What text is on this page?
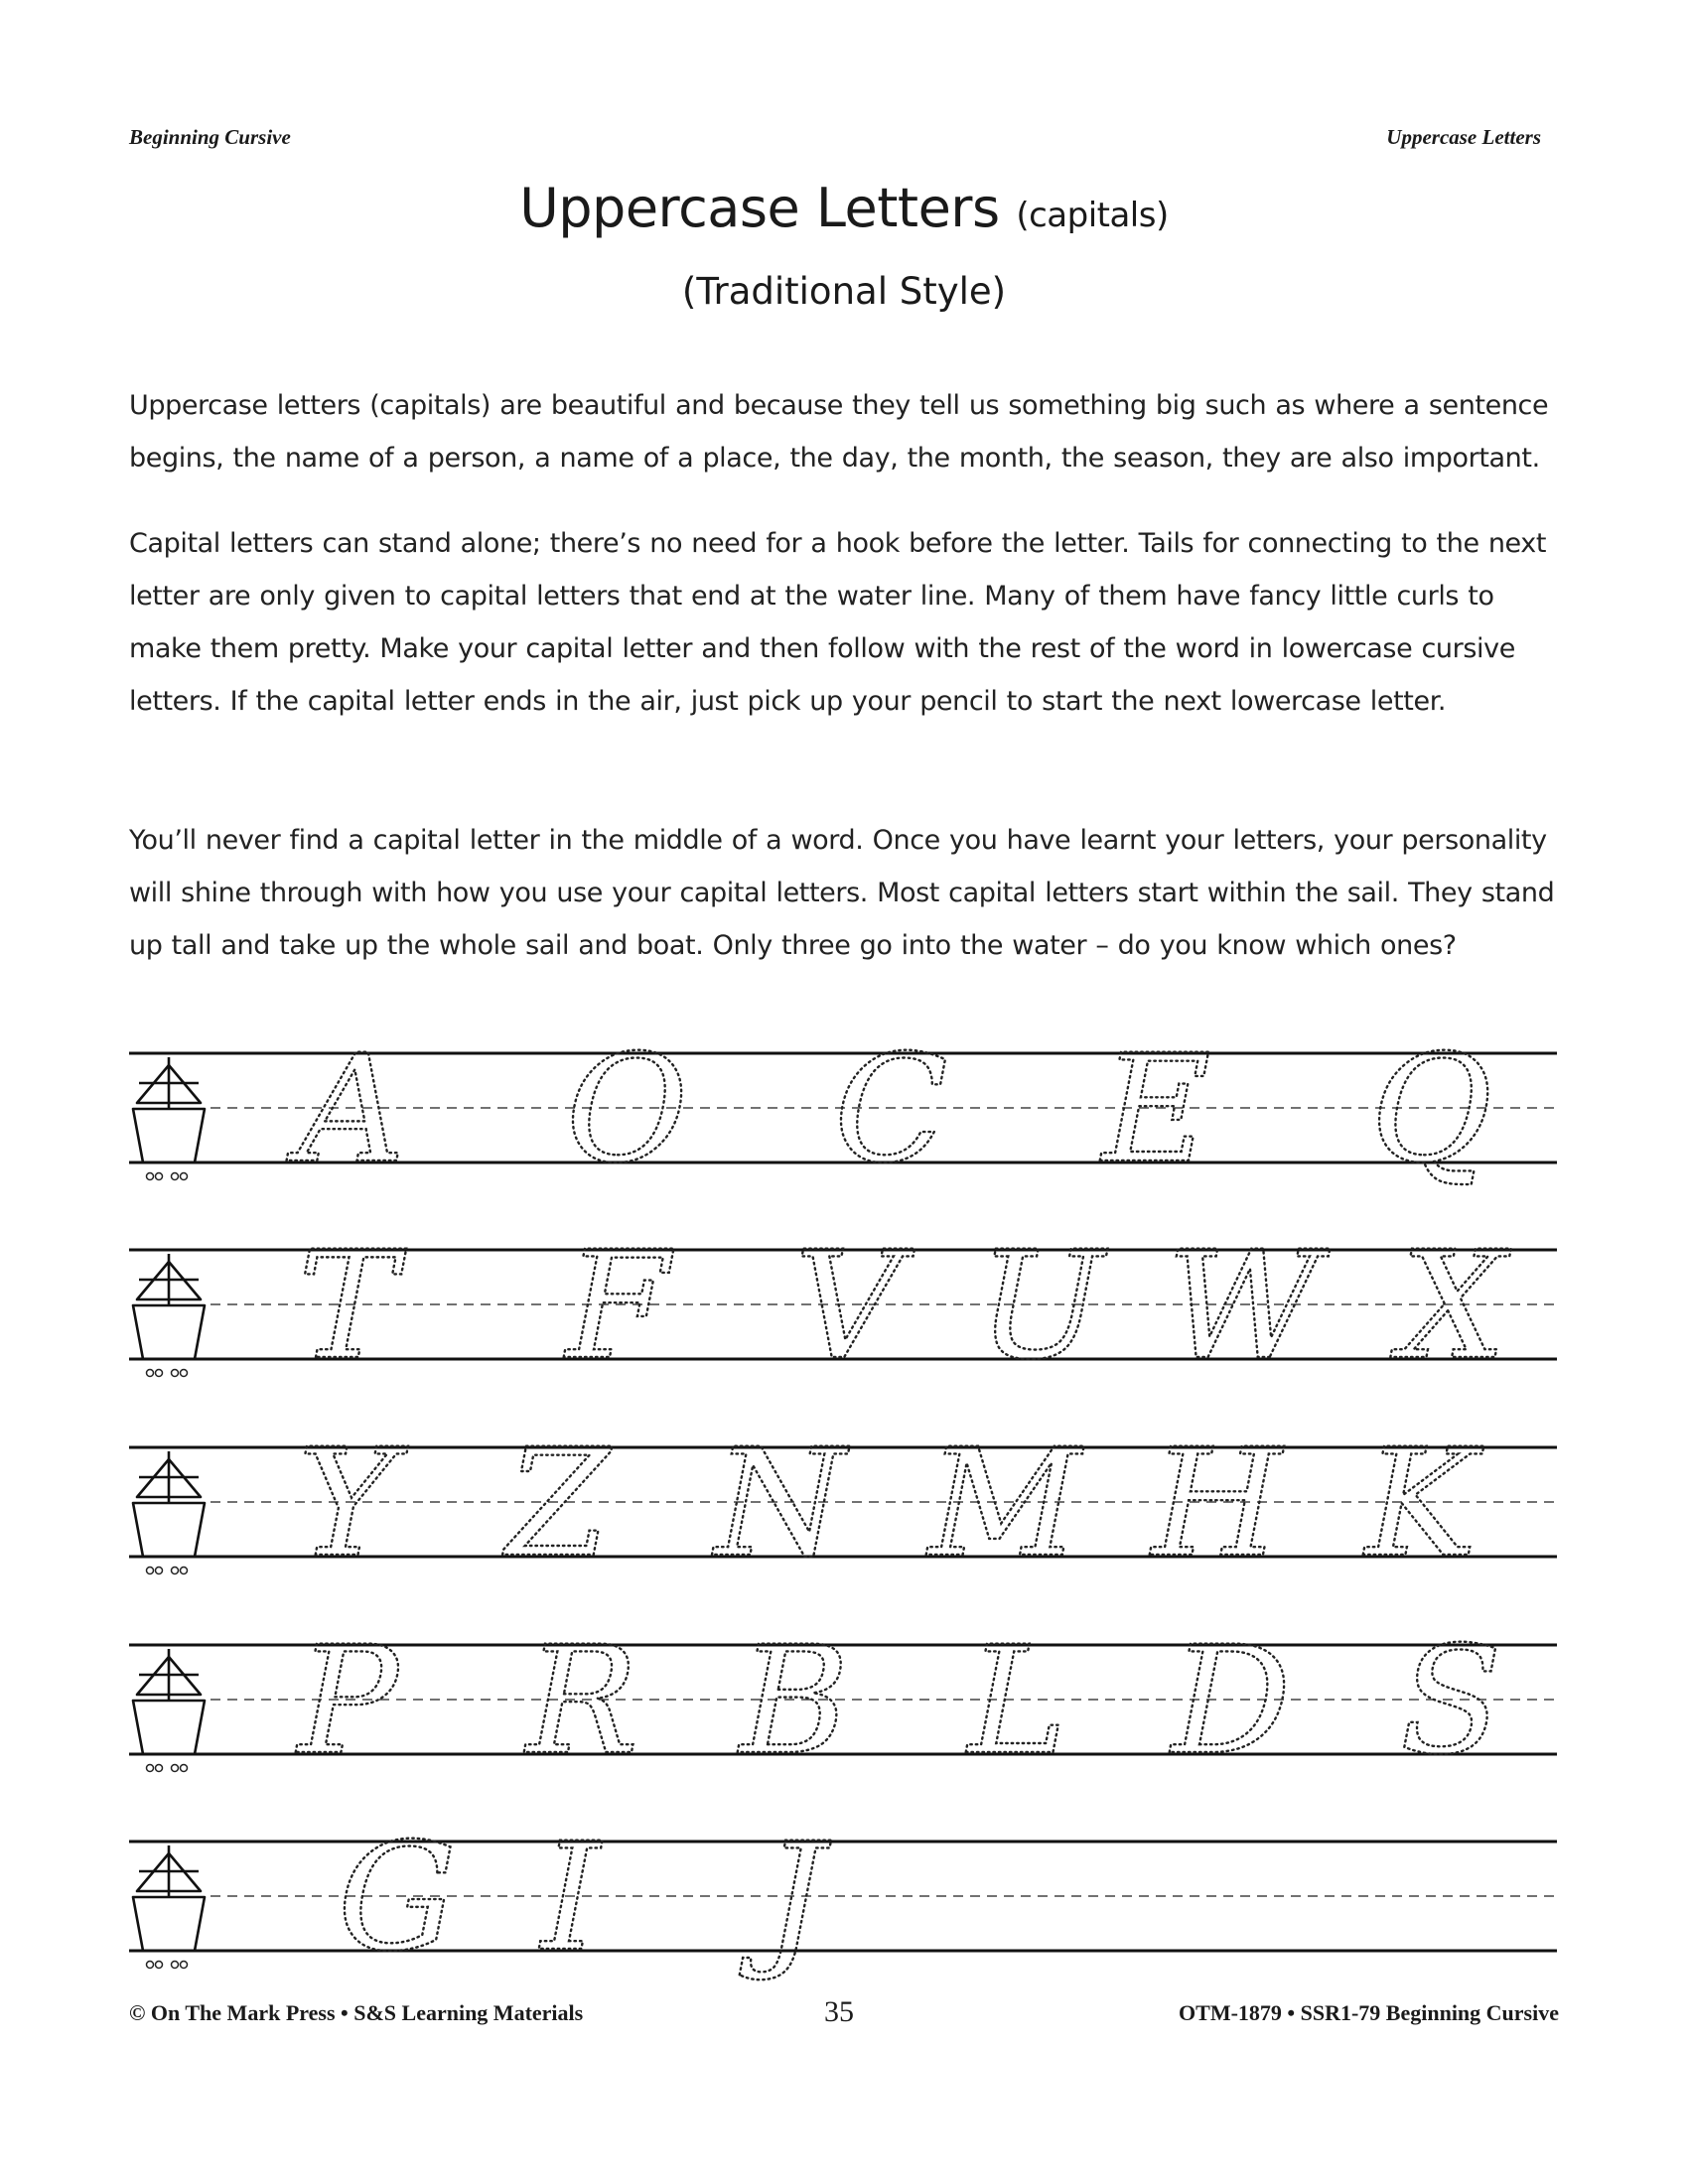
Beginning Cursive	Uppercase Letters
Uppercase Letters (capitals)
(Traditional Style)

Uppercase letters (capitals) are beautiful and because they tell us something big such as where a sentence begins, the name of a person, a name of a place, the day, the month, the season, they are also important.

Capital letters can stand alone; there’s no need for a hook before the letter. Tails for connecting to the next letter are only given to capital letters that end at the water line. Many of them have fancy little curls to make them pretty. Make your capital letter and then follow with the rest of the word in lowercase cursive letters. If the capital letter ends in the air, just pick up your pencil to start the next lowercase letter.

You’ll never find a capital letter in the middle of a word. Once you have learnt your letters, your personality will shine through with how you use your capital letters. Most capital letters start within the sail. They stand up tall and take up the whole sail and boat. Only three go into the water – do you know which ones?

A O C E Q
T F V U W X
Y Z N M H K
P R B L D S
G I J
© On The Mark Press • S&S Learning Materials	35	OTM-1879 • SSR1-79 Beginning Cursive
